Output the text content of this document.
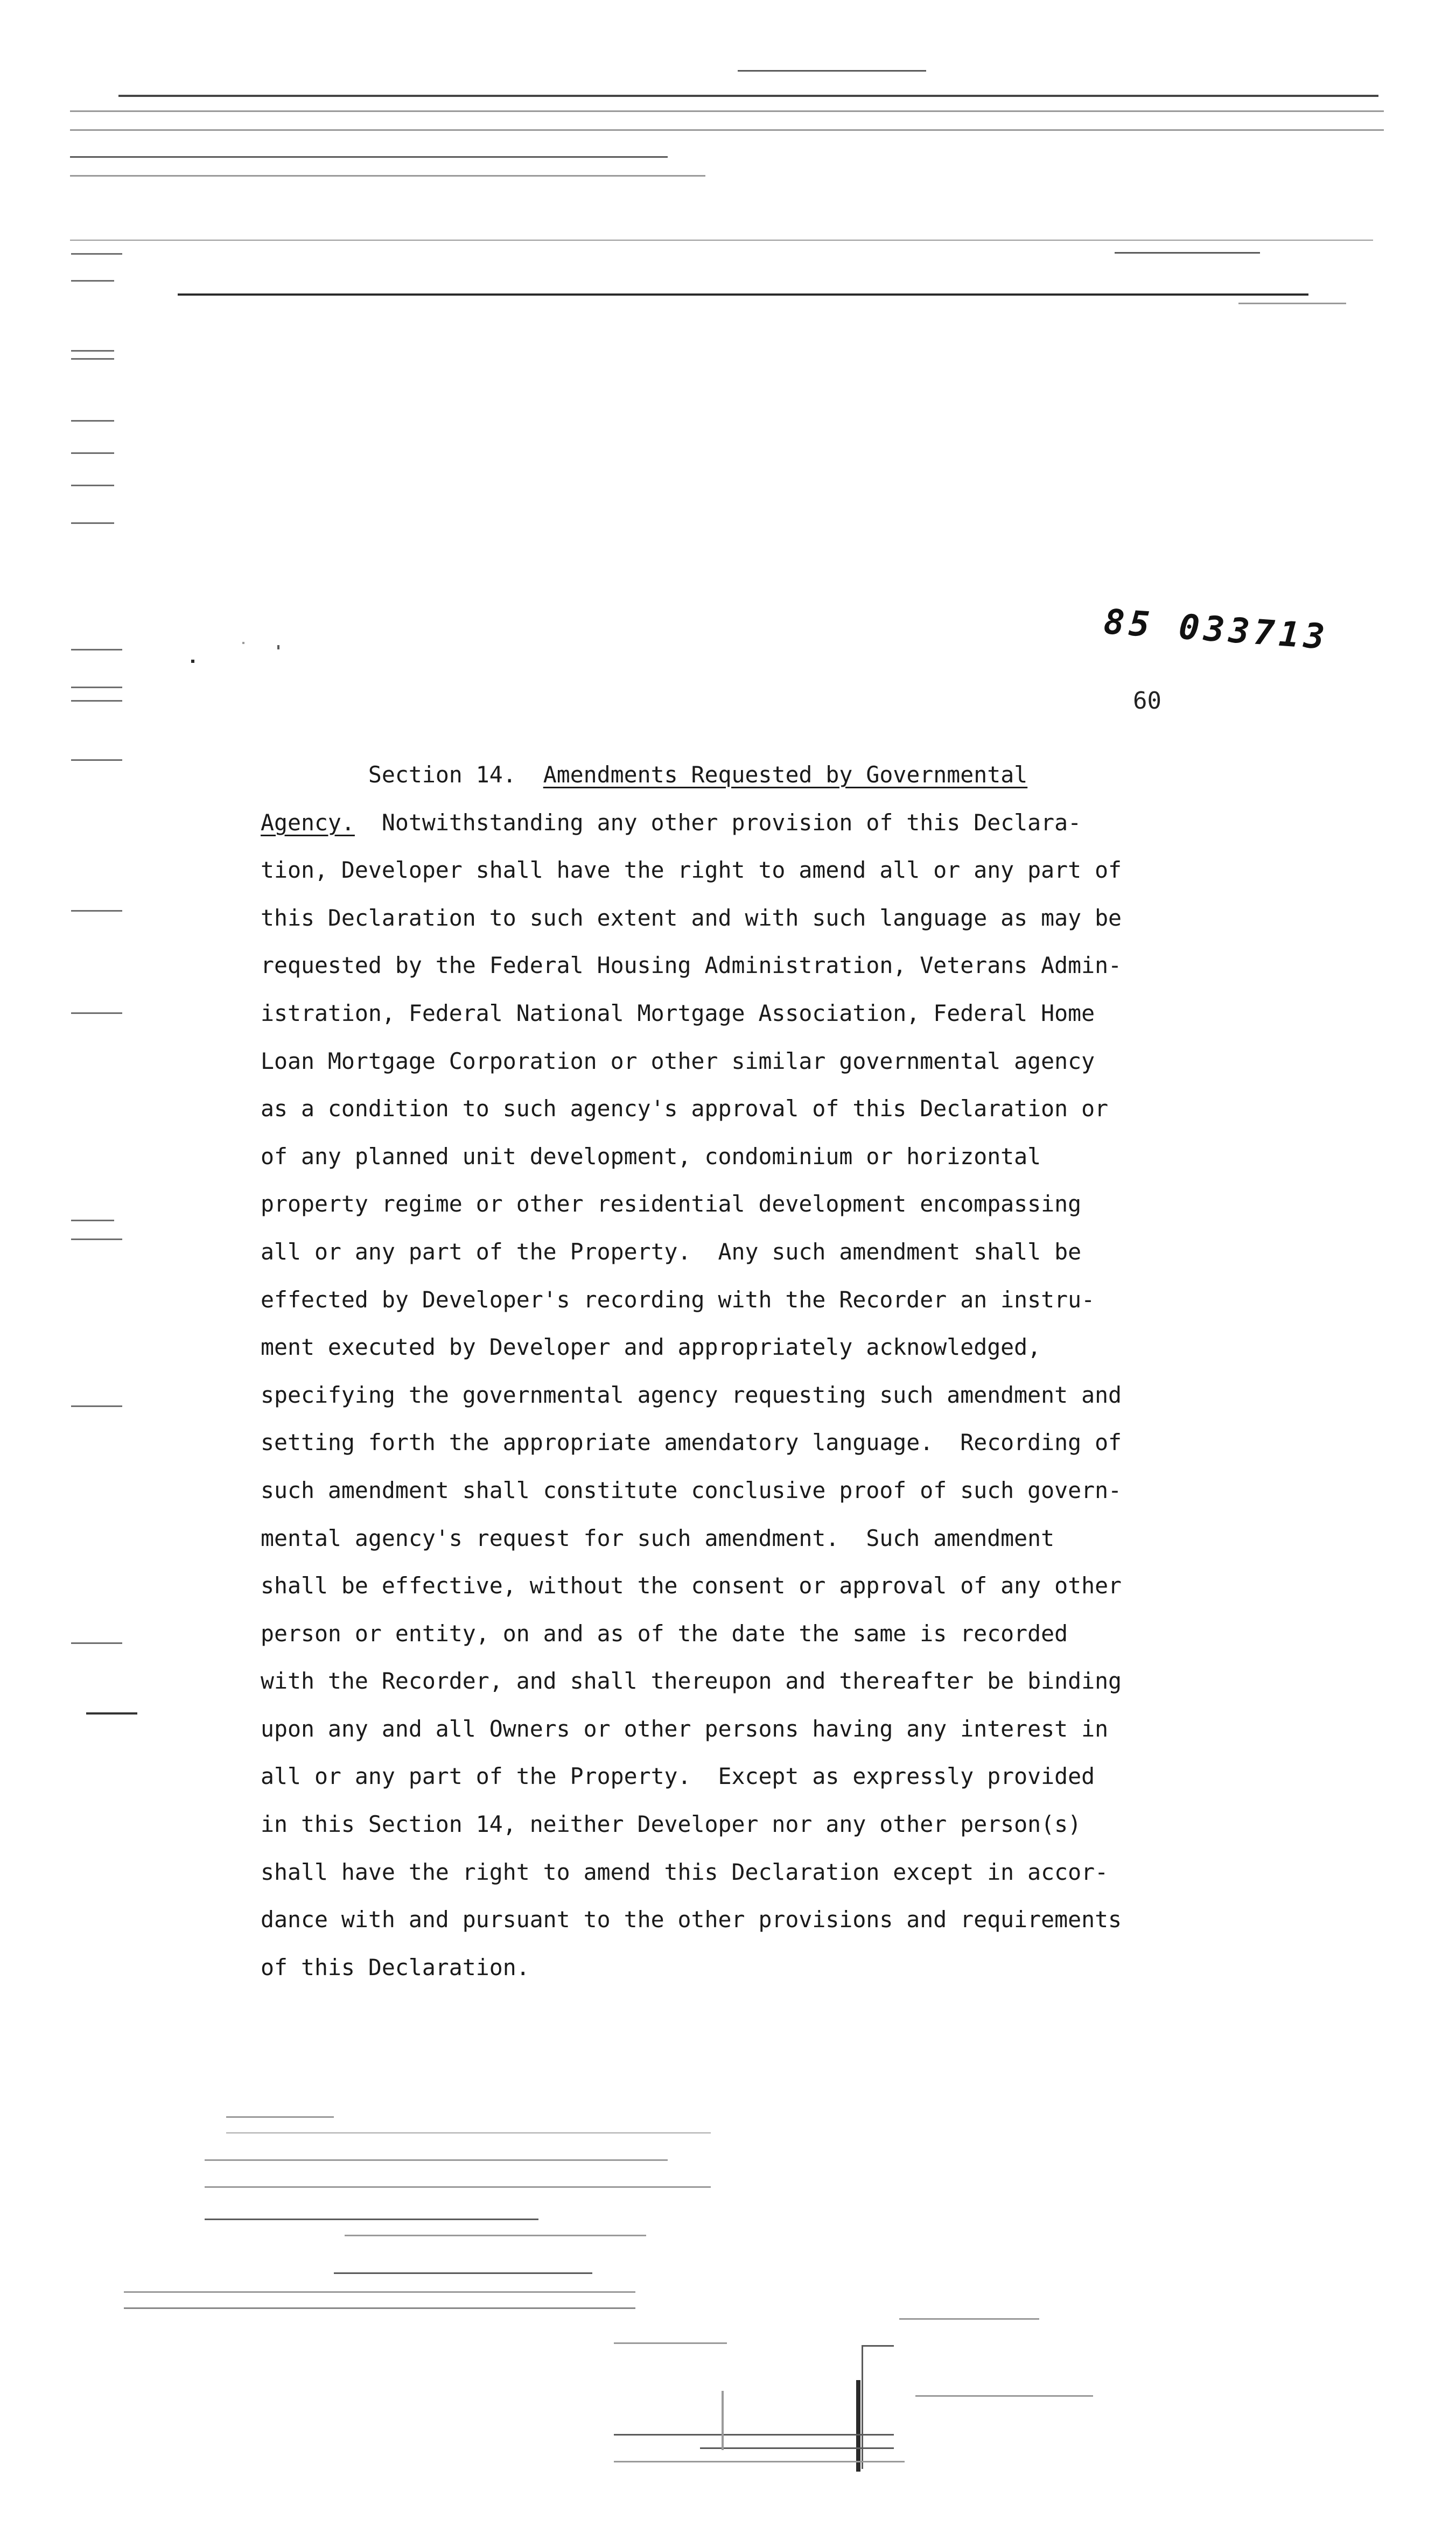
85 033713
60
Section 14. Amendments Requested by Governmental
Agency. Notwithstanding any other provision of this Declara-
tion, Developer shall have the right to amend all or any part of
this Declaration to such extent and with such language as may be
requested by the Federal Housing Administration, Veterans Admin-
istration, Federal National Mortgage Association, Federal Home
Loan Mortgage Corporation or other similar governmental agency
as a condition to such agency's approval of this Declaration or
of any planned unit development, condominium or horizontal
property regime or other residential development encompassing
all or any part of the Property.  Any such amendment shall be
effected by Developer's recording with the Recorder an instru-
ment executed by Developer and appropriately acknowledged,
specifying the governmental agency requesting such amendment and
setting forth the appropriate amendatory language.  Recording of
such amendment shall constitute conclusive proof of such govern-
mental agency's request for such amendment.  Such amendment
shall be effective, without the consent or approval of any other
person or entity, on and as of the date the same is recorded
with the Recorder, and shall thereupon and thereafter be binding
upon any and all Owners or other persons having any interest in
all or any part of the Property.  Except as expressly provided
in this Section 14, neither Developer nor any other person(s)
shall have the right to amend this Declaration except in accor-
dance with and pursuant to the other provisions and requirements
of this Declaration.
